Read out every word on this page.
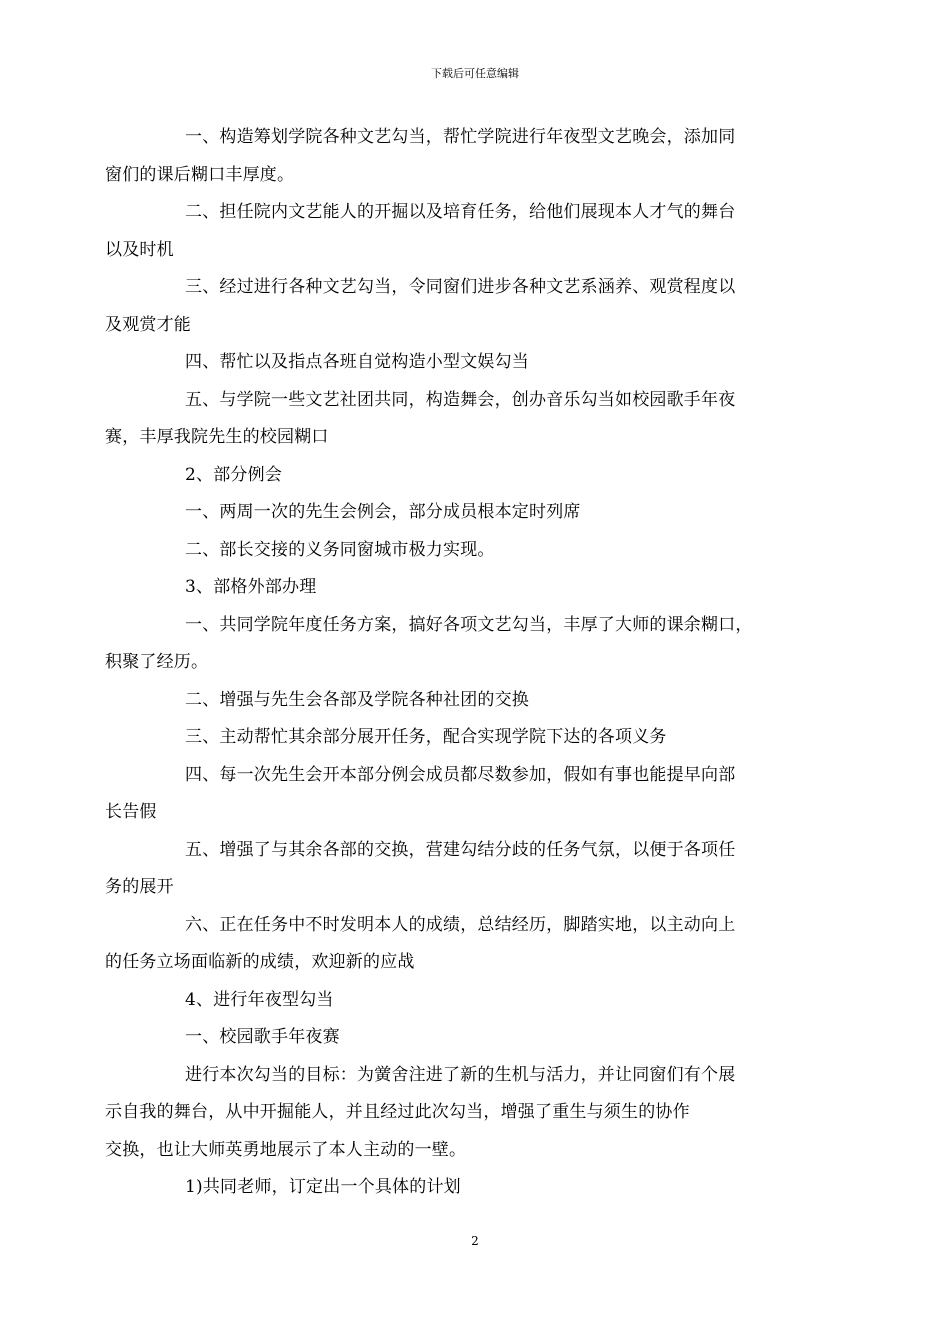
下载后可任意编辑

一、构造筹划学院各种文艺勾当，帮忙学院进行年夜型文艺晚会，添加同
窗们的课后糊口丰厚度。

二、担任院内文艺能人的开掘以及培育任务，给他们展现本人才气的舞台
以及时机

三、经过进行各种文艺勾当，令同窗们进步各种文艺系涵养、观赏程度以
及观赏才能

四、帮忙以及指点各班自觉构造小型文娱勾当

五、与学院一些文艺社团共同，构造舞会，创办音乐勾当如校园歌手年夜
赛，丰厚我院先生的校园糊口

2、部分例会

一、两周一次的先生会例会，部分成员根本定时列席

二、部长交接的义务同窗城市极力实现。

3、部格外部办理

一、共同学院年度任务方案，搞好各项文艺勾当，丰厚了大师的课余糊口，
积聚了经历。

二、增强与先生会各部及学院各种社团的交换

三、主动帮忙其余部分展开任务，配合实现学院下达的各项义务

四、每一次先生会开本部分例会成员都尽数参加，假如有事也能提早向部
长告假

五、增强了与其余各部的交换，营建勾结分歧的任务气氛，以便于各项任
务的展开

六、正在任务中不时发明本人的成绩，总结经历，脚踏实地，以主动向上
的任务立场面临新的成绩，欢迎新的应战

4、进行年夜型勾当

一、校园歌手年夜赛

进行本次勾当的目标：为黉舍注进了新的生机与活力，并让同窗们有个展
示自我的舞台，从中开掘能人，并且经过此次勾当，增强了重生与须生的协作
交换，也让大师英勇地展示了本人主动的一壁。

1)共同老师，订定出一个具体的计划

2
